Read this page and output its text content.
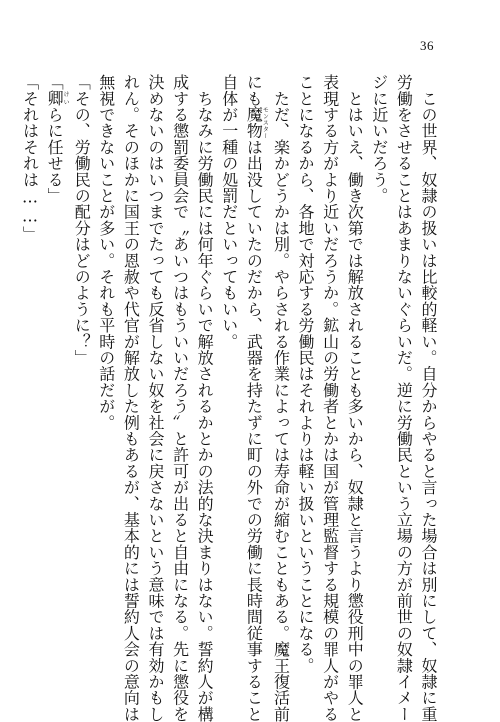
36
　この世界、奴隷の扱いは比較的軽い。自分からやると言った場合は別にして、奴隷に重
労働をさせることはあまりないぐらいだ。逆に労働民という立場の方が前世の奴隷イメー
ジに近いだろう。
　とはいえ、働き次第では解放されることも多いから、奴隷と言うより懲役刑中の罪人と
表現する方がより近いだろうか。鉱山の労働者とかは国が管理監督する規模の罪人がやる
ことになるから、各地で対応する労働民はそれよりは軽い扱いということになる。
　ただ、楽かどうかは別。やらされる作業によっては寿命が縮むこともある。魔王復活前
にも魔物モンスターは出没していたのだから、武器を持たずに町の外での労働に長時間従事すること
自体が一種の処罰だといってもいい。
　ちなみに労働民には何年ぐらいで解放されるかとかの法的な決まりはない。誓約人が構
成する懲罰委員会で〝あいつはもういいだろう〟と許可が出ると自由になる。先に懲役を
決めないのはいつまでたっても反省しない奴を社会に戻さないという意味では有効かもし
れん。そのほかに国王の恩赦や代官が解放した例もあるが、基本的には誓約人会の意向は
無視できないことが多い。それも平時の話だが。
「その、労働民の配分はどのように？」
「卿けいらに任せる」
「それはそれは……」
